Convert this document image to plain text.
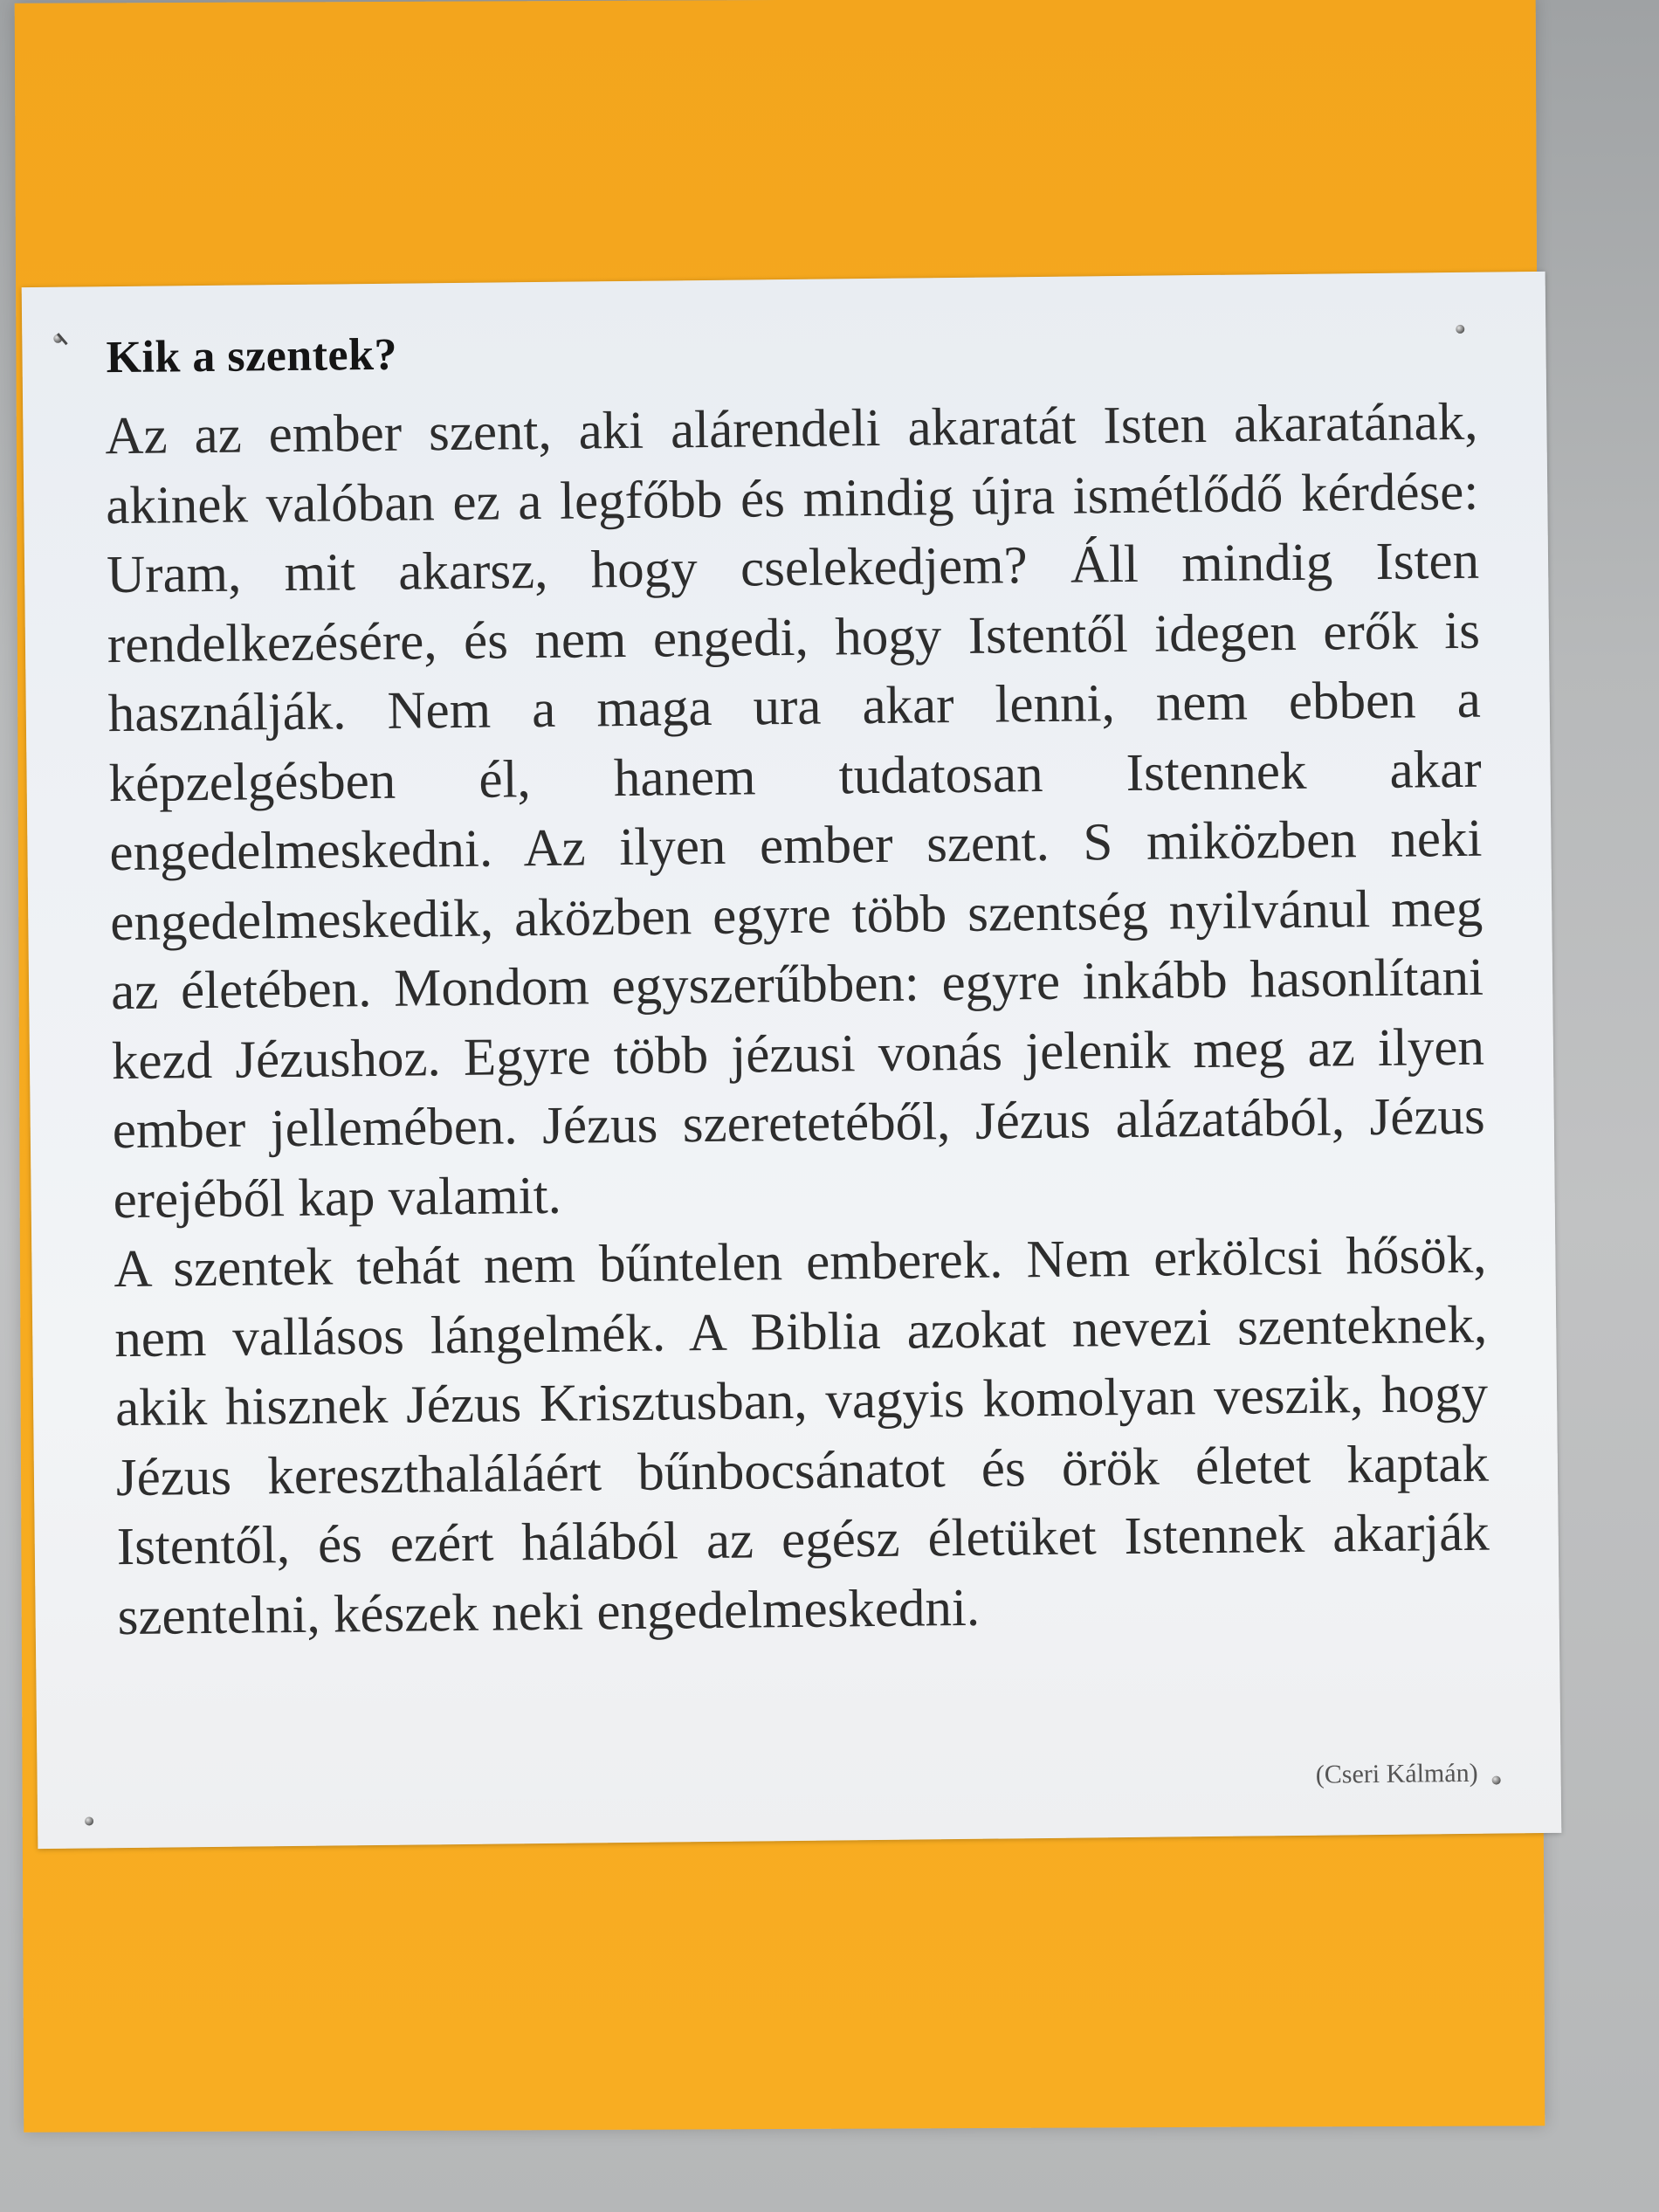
Kik a szentek?

Az az ember szent, aki alárendeli akaratát Isten akaratának, akinek valóban ez a legfőbb és mindig újra ismétlődő kérdése: Uram, mit akarsz, hogy cselekedjem? Áll mindig Isten rendelkezésére, és nem engedi, hogy Istentől idegen erők is használják. Nem a maga ura akar lenni, nem ebben a képzelgésben él, hanem tudatosan Istennek akar engedelmeskedni. Az ilyen ember szent. S miközben neki engedelmeskedik, aközben egyre több szentség nyilvánul meg az életében. Mondom egyszerűbben: egyre inkább hasonlítani kezd Jézushoz. Egyre több jézusi vonás jelenik meg az ilyen ember jellemében. Jézus szeretetéből, Jézus alázatából, Jézus erejéből kap valamit.

A szentek tehát nem bűntelen emberek. Nem erkölcsi hősök, nem vallásos lángelmék. A Biblia azokat nevezi szenteknek, akik hisznek Jézus Krisztusban, vagyis komolyan veszik, hogy Jézus kereszthaláláért bűnbocsánatot és örök életet kaptak Istentől, és ezért hálából az egész életüket Istennek akarják szentelni, készek neki engedelmeskedni.

(Cseri Kálmán)
